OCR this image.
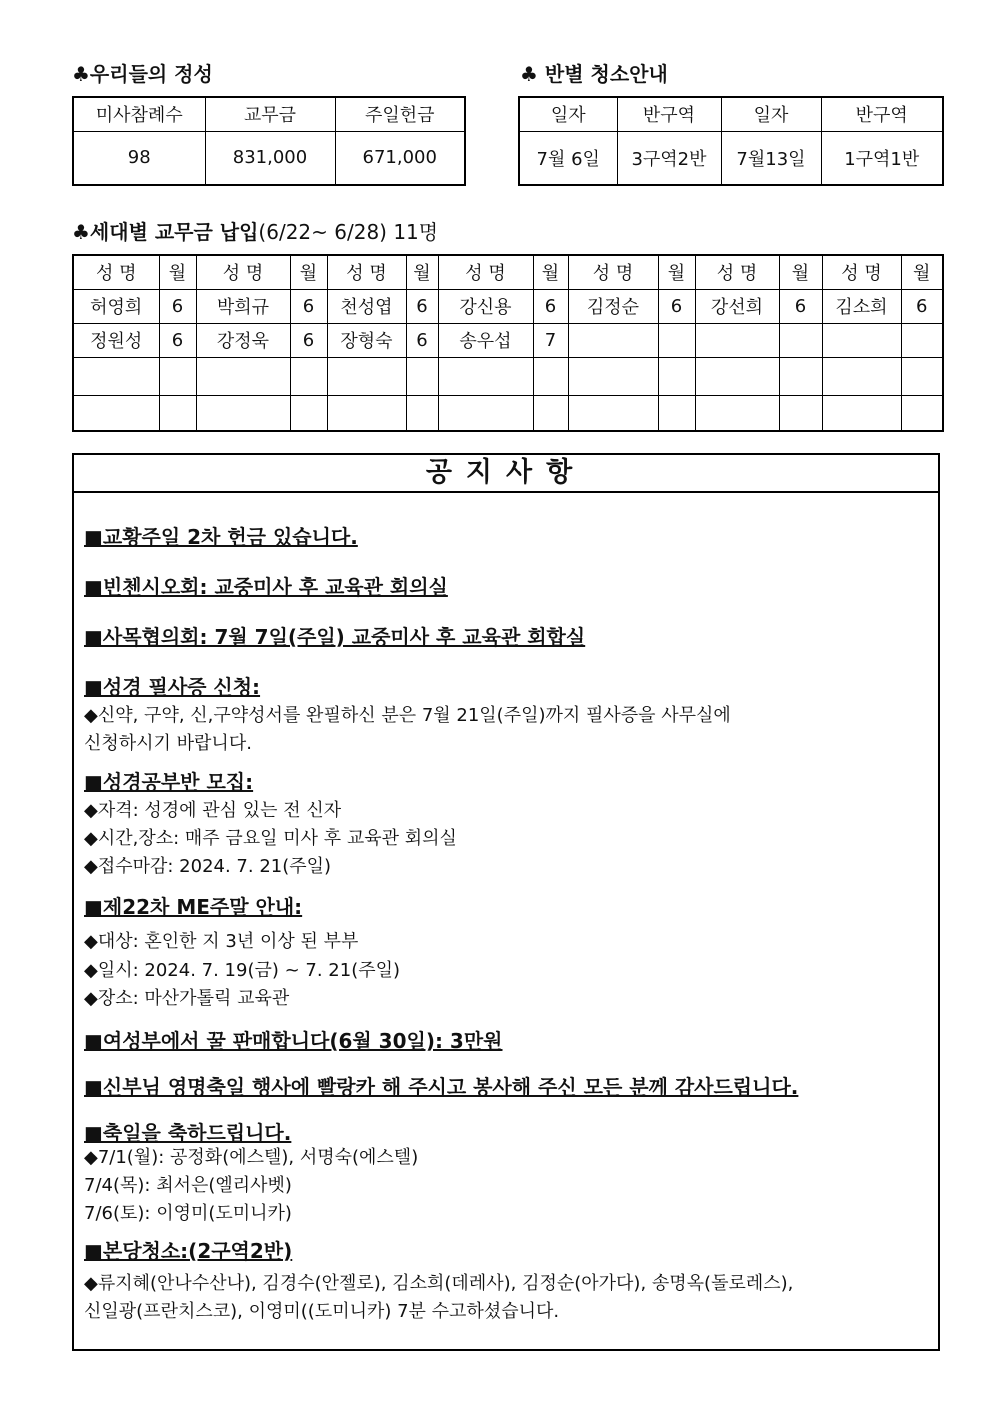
♣우리들의 정성
미사참례수	교무금	주일헌금
98	831,000	671,000
♣ 반별 청소안내
일자	반구역	일자	반구역
7월 6일	3구역2반	7월13일	1구역1반
♣세대별 교무금 납입(6/22~ 6/28) 11명
성 명	월	성 명	월	성 명	월	성 명	월	성 명	월	성 명	월	성 명	월
허영희	6	박희규	6	천성엽	6	강신용	6	김정순	6	강선희	6	김소희	6
정원성	6	강정욱	6	장형숙	6	송우섭	7						

공지사항
■교황주일 2차 헌금 있습니다.
■빈첸시오회: 교중미사 후 교육관 회의실
■사목협의회: 7월 7일(주일) 교중미사 후 교육관 회합실
■성경 필사증 신청:
◆신약, 구약, 신,구약성서를 완필하신 분은 7월 21일(주일)까지 필사증을 사무실에
신청하시기 바랍니다.
■성경공부반 모집:
◆자격: 성경에 관심 있는 전 신자
◆시간,장소: 매주 금요일 미사 후 교육관 회의실
◆접수마감: 2024. 7. 21(주일)
■제22차 ME주말 안내:
◆대상: 혼인한 지 3년 이상 된 부부
◆일시: 2024. 7. 19(금) ~ 7. 21(주일)
◆장소: 마산가톨릭 교육관
■여성부에서 꿀 판매합니다(6월 30일): 3만원
■신부님 영명축일 행사에 빨랑카 해 주시고 봉사해 주신 모든 분께 감사드립니다.
■축일을 축하드립니다.
◆7/1(월): 공정화(에스텔), 서명숙(에스텔)
7/4(목): 최서은(엘리사벳)
7/6(토): 이영미(도미니카)
■본당청소:(2구역2반)
◆류지혜(안나수산나), 김경수(안젤로), 김소희(데레사), 김정순(아가다), 송명옥(돌로레스),
신일광(프란치스코), 이영미((도미니카) 7분 수고하셨습니다.
